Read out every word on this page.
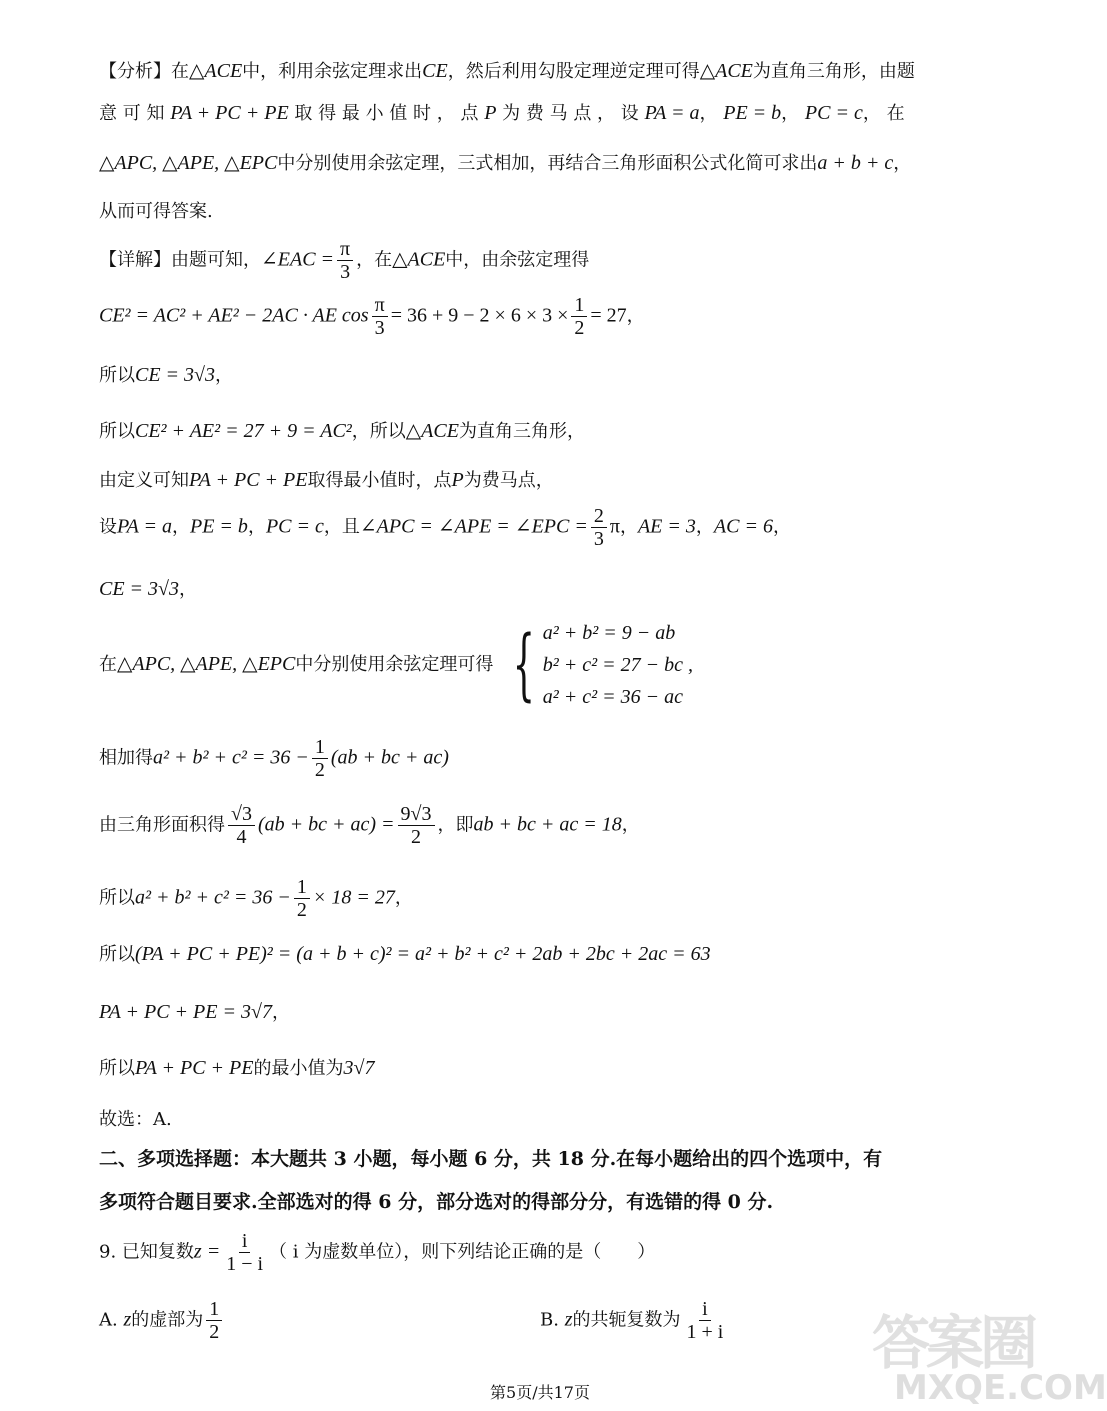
【分析】在△ACE中，利用余弦定理求出CE，然后利用勾股定理逆定理可得△ACE为直角三角形，由题
意 可 知 PA + PC + PE 取 得 最 小 值 时 ， 点 P 为 费 马 点 ， 设 PA = a， PE = b， PC = c， 在
△APC, △APE, △EPC中分别使用余弦定理，三式相加，再结合三角形面积公式化简可求出a + b + c，
从而可得答案.
【详解】由题可知，∠EAC = $\frac{\pi}{3}$ ，在△ACE中，由余弦定理得
CE² = AC² + AE² − 2AC · AE $\cos \frac{\pi}{3} = 36 + 9 - 2 \times 6 \times 3 \times \frac{1}{2} = 27$，
所以CE = 3√3，
所以CE² + AE² = 27 + 9 = AC²，所以△ACE为直角三角形，
由定义可知PA + PC + PE取得最小值时，点P为费马点，
设PA = a，PE = b，PC = c，且∠APC = ∠APE = ∠EPC = $\frac{2}{3}$ π，AE = 3，AC = 6，
CE = 3√3，
在△APC, △APE, △EPC中分别使用余弦定理可得 { a² + b² = 9 − ab
b² + c² = 27 − bc ,
a² + c² = 36 − ac
相加得$a^2 + b^2 + c^2 = 36 - \frac{1}{2} (ab$ + bc + ac)
由三角形面积得 $\frac{√3}{4} (ab$ + bc + $ac) = \frac{9√3}{2}$ ，即ab + bc + ac = 18，
所以$a^2 + b^2 + c^2 = 36 - \frac{1}{2} \times 18 = 27$，
所以(PA + PC + PE)² = (a + b + c)² = a² + b² + c² + 2ab + 2bc + 2ac = 63
PA + PC + PE = 3√7，
所以PA + PC + PE的最小值为3√7
故选：A.
二、多项选择题：本大题共 3 小题，每小题 6 分，共 18 分.在每小题给出的四个选项中，有
多项符合题目要求.全部选对的得 6 分，部分选对的得部分分，有选错的得 0 分.
9. 已知复数$z = \frac{i}{1 - i}$ （ i 为虚数单位），则下列结论正确的是（　　）
A. z的虚部为 $\frac{1}{2}$	B. z的共轭复数为 $\frac{i}{1 + i}$	答案圈
MXQE.COM
第5页/共17页
